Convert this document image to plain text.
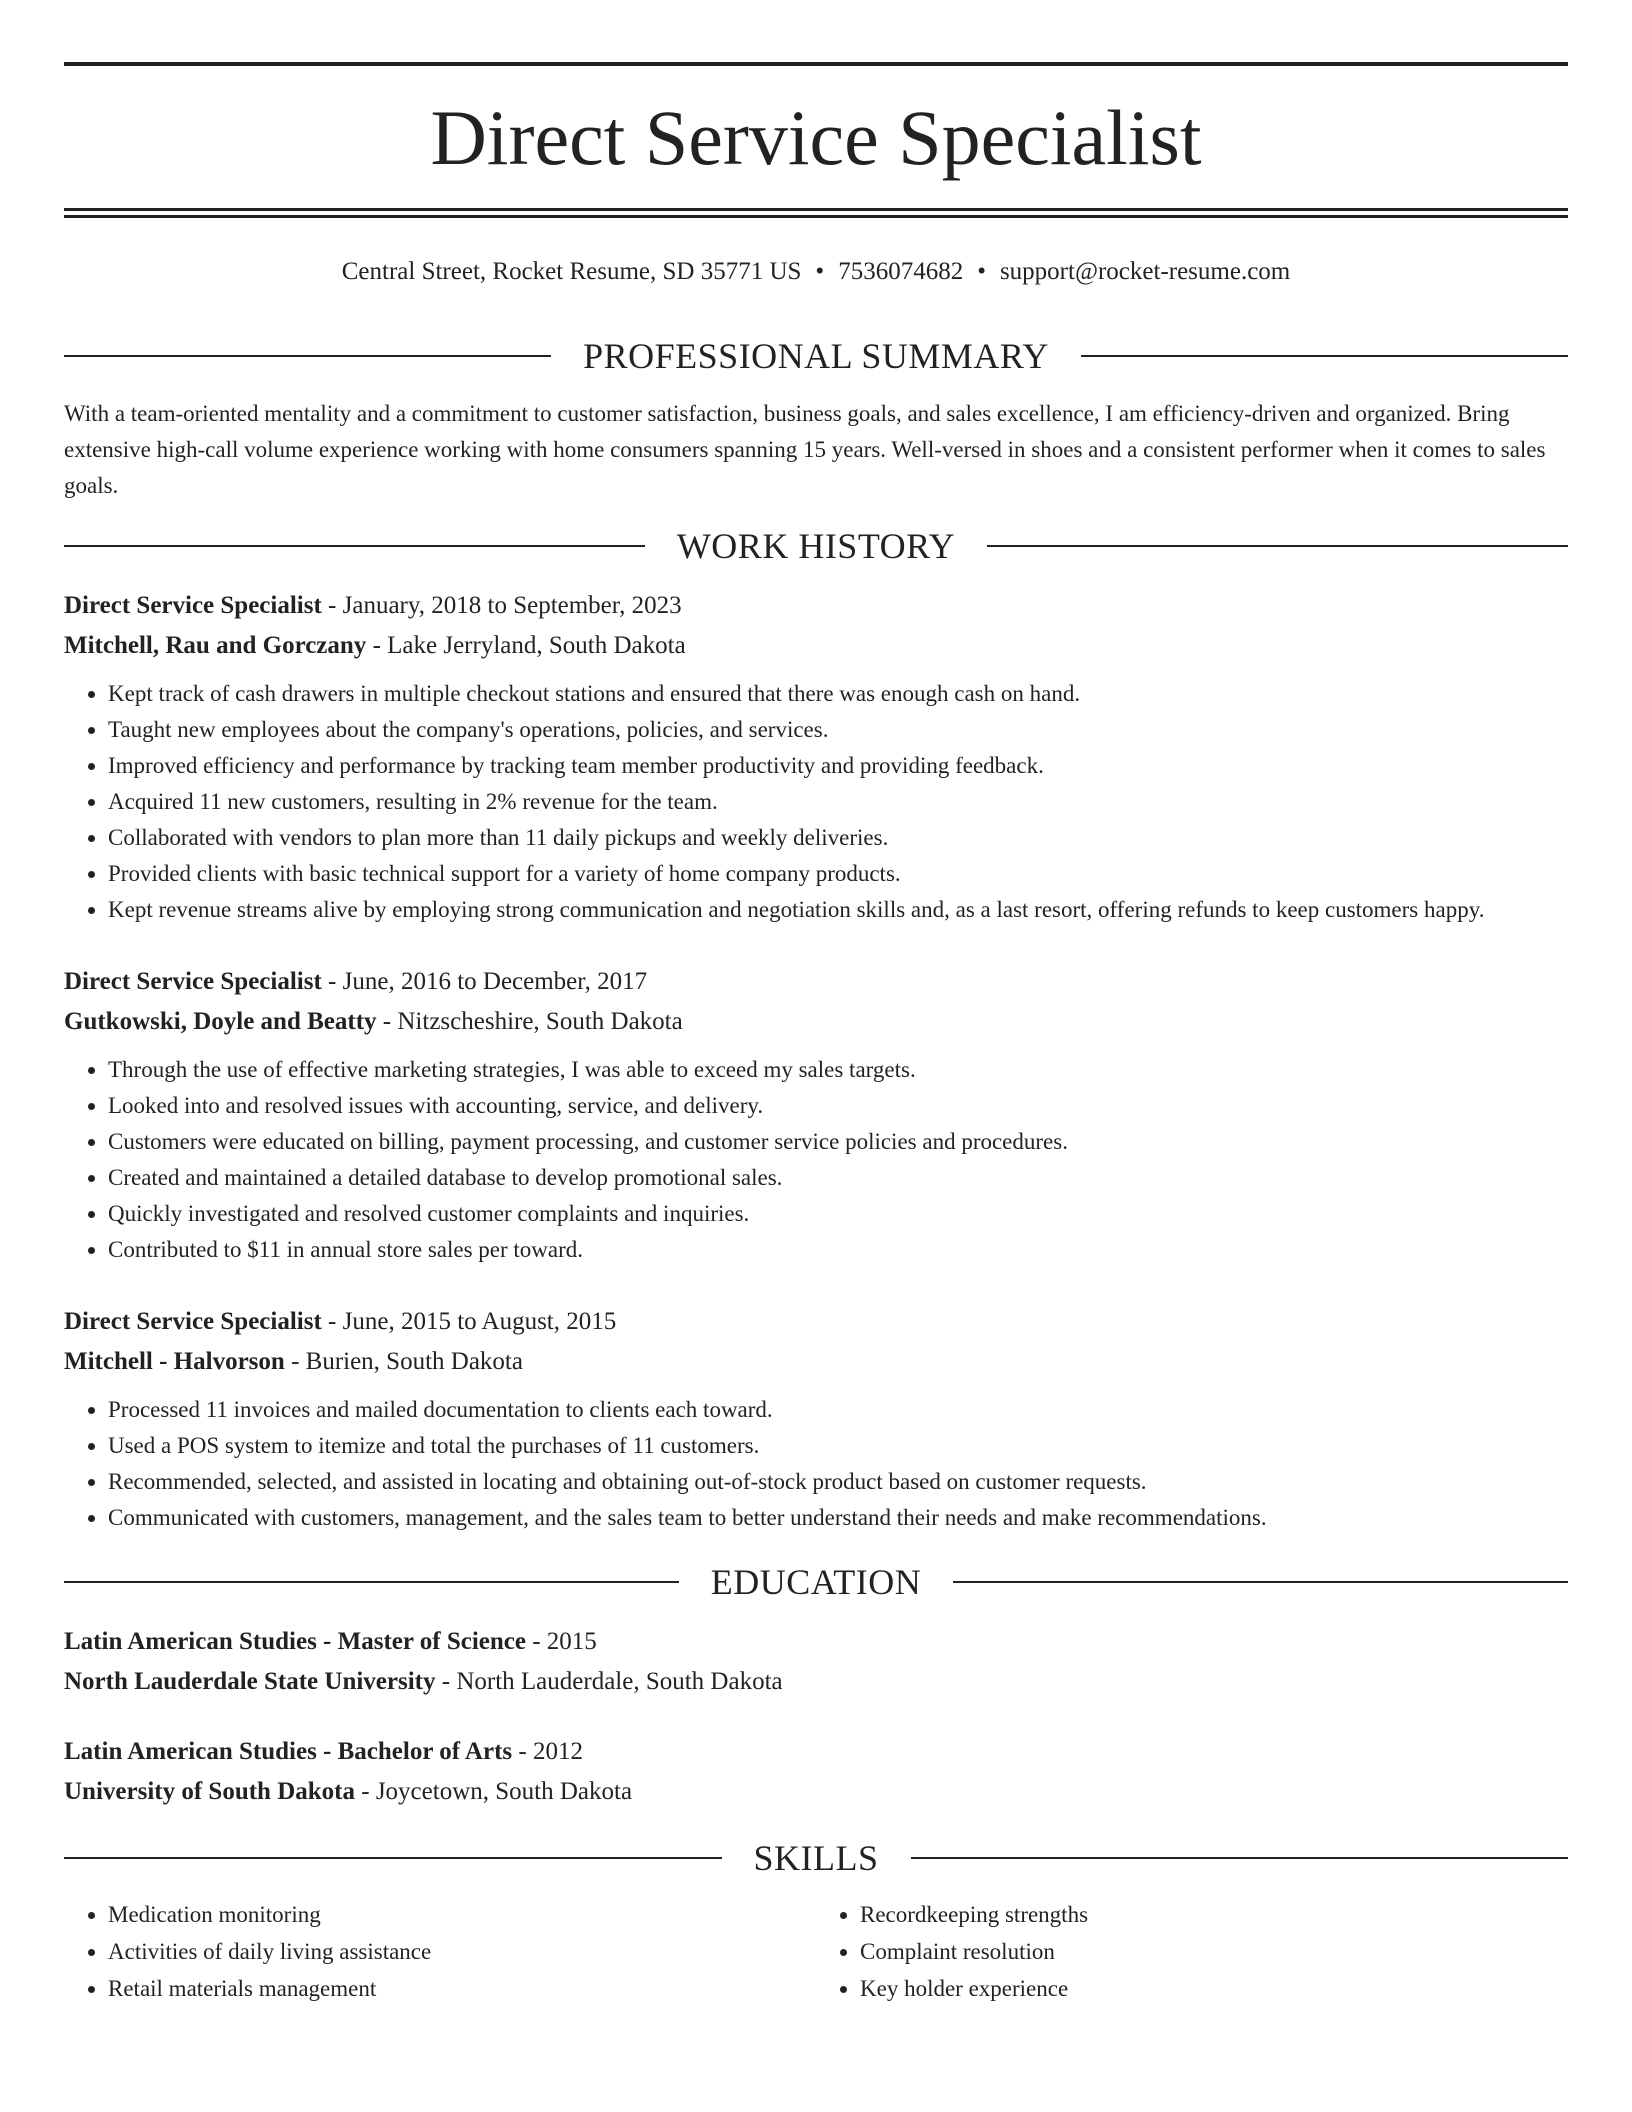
Direct Service Specialist
Central Street, Rocket Resume, SD 35771 US • 7536074682 • support@rocket-resume.com
PROFESSIONAL SUMMARY

With a team-oriented mentality and a commitment to customer satisfaction, business goals, and sales excellence, I am efficiency-driven and organized. Bring extensive high-call volume experience working with home consumers spanning 15 years. Well-versed in shoes and a consistent performer when it comes to sales goals.

WORK HISTORY
Direct Service Specialist - January, 2018 to September, 2023
Mitchell, Rau and Gorczany - Lake Jerryland, South Dakota
• Kept track of cash drawers in multiple checkout stations and ensured that there was enough cash on hand.
• Taught new employees about the company's operations, policies, and services.
• Improved efficiency and performance by tracking team member productivity and providing feedback.
• Acquired 11 new customers, resulting in 2% revenue for the team.
• Collaborated with vendors to plan more than 11 daily pickups and weekly deliveries.
• Provided clients with basic technical support for a variety of home company products.
• Kept revenue streams alive by employing strong communication and negotiation skills and, as a last resort, offering refunds to keep customers happy.
Direct Service Specialist - June, 2016 to December, 2017
Gutkowski, Doyle and Beatty - Nitzscheshire, South Dakota
• Through the use of effective marketing strategies, I was able to exceed my sales targets.
• Looked into and resolved issues with accounting, service, and delivery.
• Customers were educated on billing, payment processing, and customer service policies and procedures.
• Created and maintained a detailed database to develop promotional sales.
• Quickly investigated and resolved customer complaints and inquiries.
• Contributed to $11 in annual store sales per toward.
Direct Service Specialist - June, 2015 to August, 2015
Mitchell - Halvorson - Burien, South Dakota
• Processed 11 invoices and mailed documentation to clients each toward.
• Used a POS system to itemize and total the purchases of 11 customers.
• Recommended, selected, and assisted in locating and obtaining out-of-stock product based on customer requests.
• Communicated with customers, management, and the sales team to better understand their needs and make recommendations.
EDUCATION
Latin American Studies - Master of Science - 2015
North Lauderdale State University - North Lauderdale, South Dakota
Latin American Studies - Bachelor of Arts - 2012
University of South Dakota - Joycetown, South Dakota
SKILLS
• Medication monitoring
• Activities of daily living assistance
• Retail materials management
• Recordkeeping strengths
• Complaint resolution
• Key holder experience
